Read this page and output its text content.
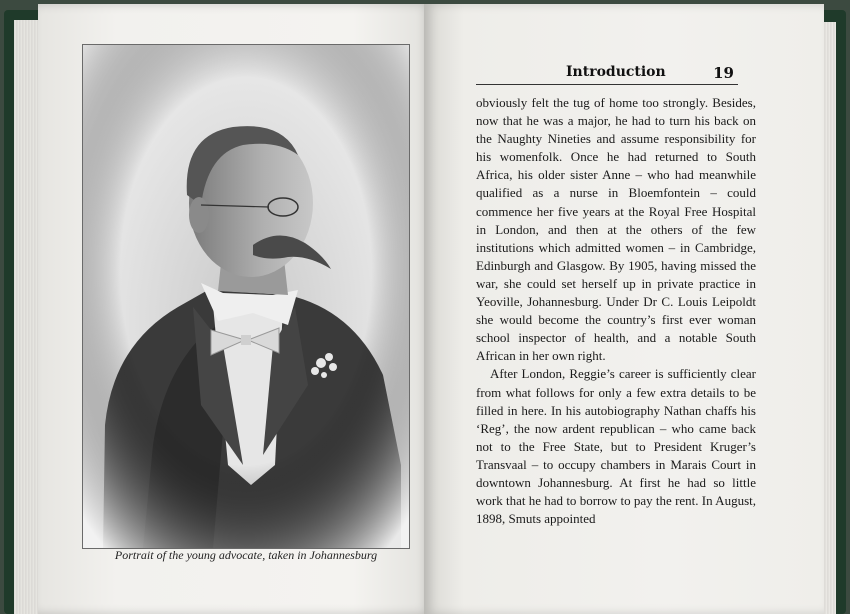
Portrait of the young advocate, taken in Johannesburg
Introduction	19

obviously felt the tug of home too strongly. Besides, now that he was a major, he had to turn his back on the Naughty Nineties and assume responsibility for his womenfolk. Once he had returned to South Africa, his older sister Anne – who had meanwhile qualified as a nurse in Bloemfontein – could commence her five years at the Royal Free Hospital in London, and then at the others of the few institutions which admitted women – in Cambridge, Edinburgh and Glasgow. By 1905, having missed the war, she could set herself up in private practice in Yeoville, Johannesburg. Under Dr C. Louis Leipoldt she would become the country’s first ever woman school inspector of health, and a notable South African in her own right.

After London, Reggie’s career is sufficiently clear from what follows for only a few extra details to be filled in here. In his autobiography Nathan chaffs his ‘Reg’, the now ardent republican – who came back not to the Free State, but to President Kruger’s Transvaal – to occupy chambers in Marais Court in downtown Johannesburg. At first he had so little work that he had to borrow to pay the rent. In August, 1898, Smuts appointed
